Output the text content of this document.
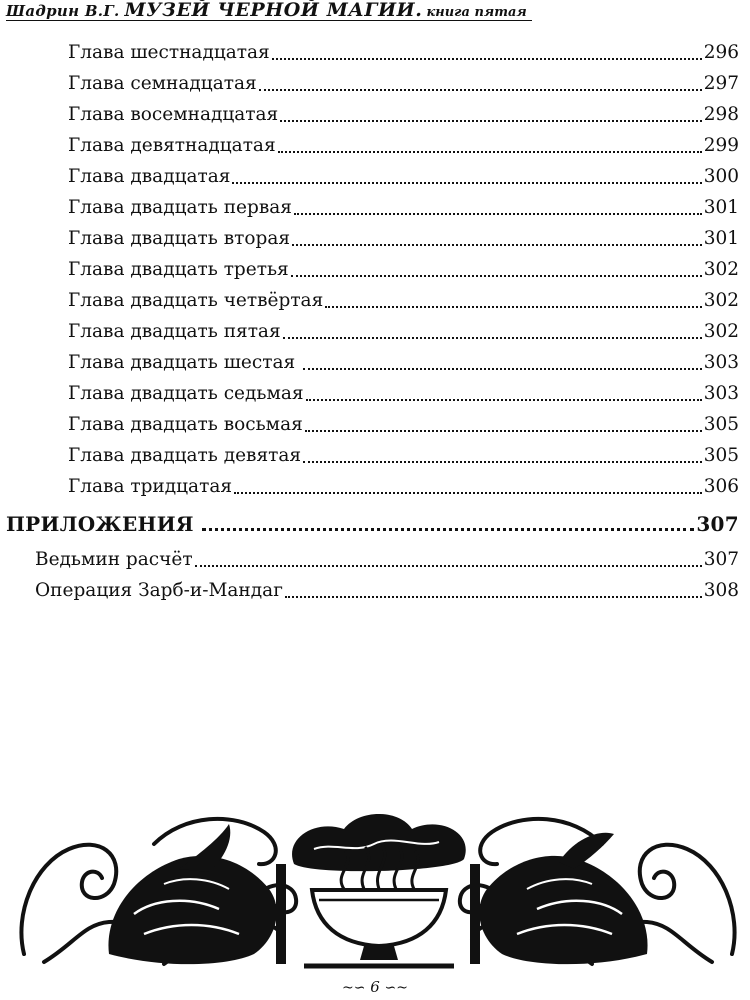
Шадрин В.Г. МУЗЕЙ ЧЕРНОЙ МАГИИ. книга пятая
Глава шестнадцатая	296
Глава семнадцатая	297
Глава восемнадцатая	298
Глава девятнадцатая	299
Глава двадцатая	300
Глава двадцать первая	301
Глава двадцать вторая	301
Глава двадцать третья	302
Глава двадцать четвёртая	302
Глава двадцать пятая	302
Глава двадцать шестая	303
Глава двадцать седьмая	303
Глава двадцать восьмая	305
Глава двадцать девятая	305
Глава тридцатая	306
ПРИЛОЖЕНИЯ	307
Ведьмин расчёт	307
Операция Зарб-и-Мандаг	308
~∽ 6 ∽~
